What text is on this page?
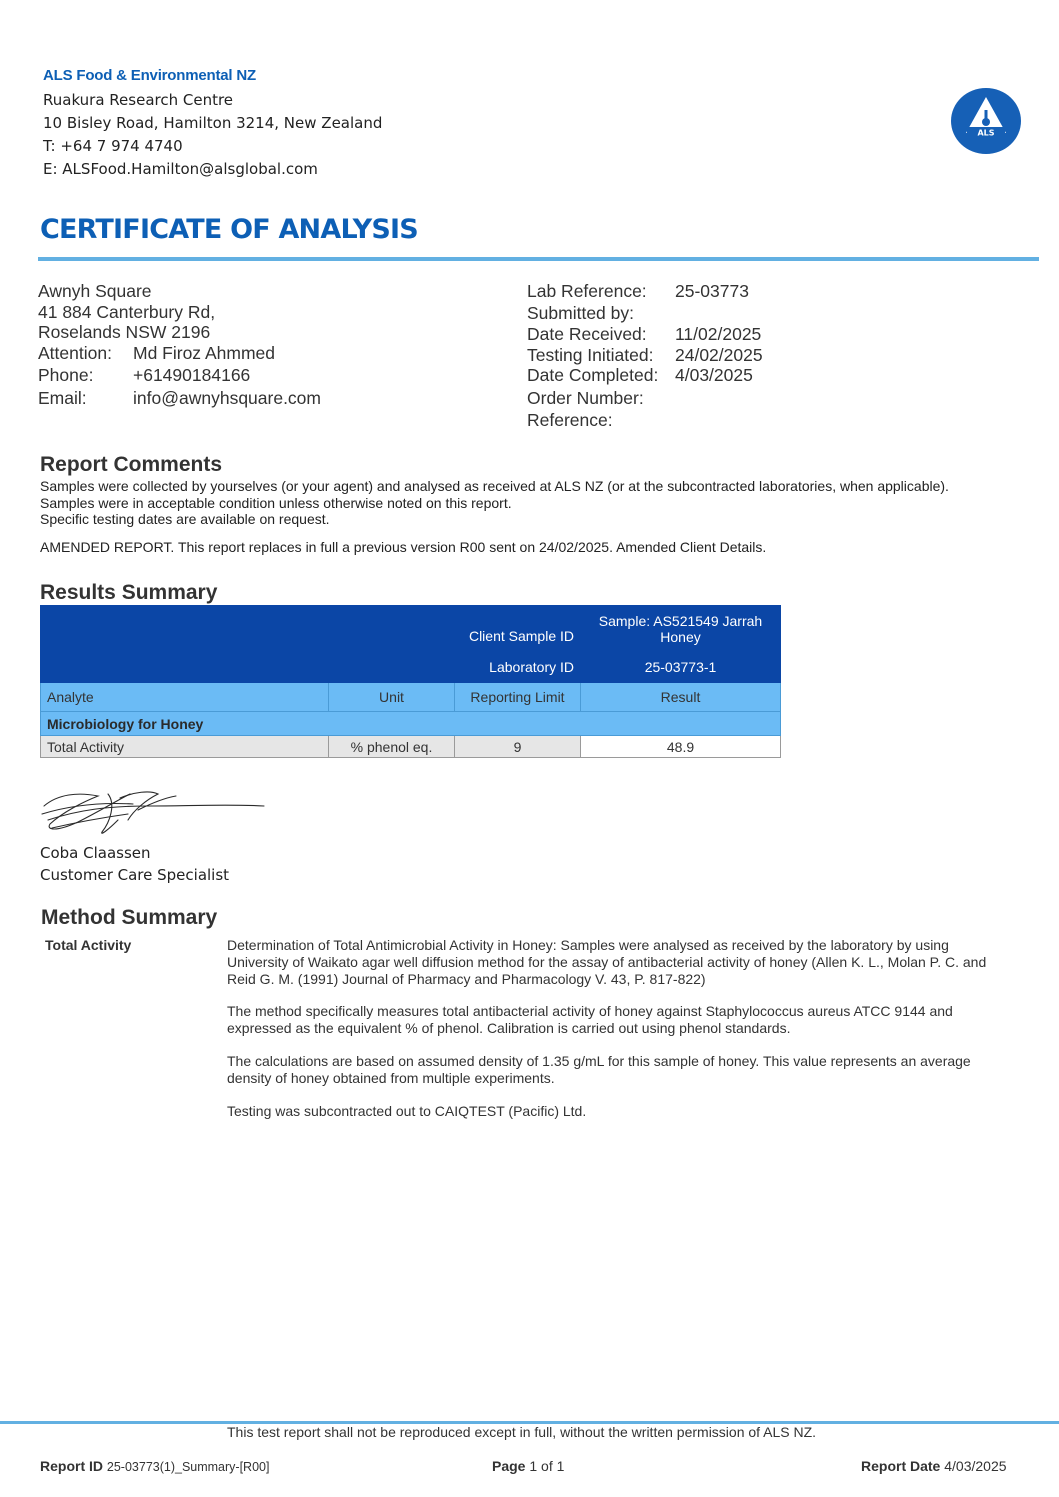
ALS Food & Environmental NZ
Ruakura Research Centre
10 Bisley Road, Hamilton 3214, New Zealand
T: +64 7 974 4740
E: ALSFood.Hamilton@alsglobal.com
ALS
CERTIFICATE OF ANALYSIS
Awnyh Square
41 884 Canterbury Rd,
Roselands NSW 2196
Attention: Md Firoz Ahmmed
Phone: +61490184166
Email:	info@awnyhsquare.com
Lab Reference: 25-03773
Submitted by:
Date Received: 11/02/2025
Testing Initiated: 24/02/2025
Date Completed: 4/03/2025
Order Number:
Reference:
Report Comments
Samples were collected by yourselves (or your agent) and analysed as received at ALS NZ (or at the subcontracted laboratories, when applicable).
Samples were in acceptable condition unless otherwise noted on this report.
Specific testing dates are available on request.
AMENDED REPORT. This report replaces in full a previous version R00 sent on 24/02/2025. Amended Client Details.
Results Summary
	Client Sample ID		Sample: AS521549 Jarrah Honey
	Laboratory ID		25-03773-1
Analyte	Unit	Reporting Limit	Result
Microbiology for Honey			
Total Activity	% phenol eq.	9	48.9
Coba Claassen
Customer Care Specialist
Method Summary
Total Activity	Determination of Total Antimicrobial Activity in Honey: Samples were analysed as received by the laboratory by using University of Waikato agar well diffusion method for the assay of antibacterial activity of honey (Allen K. L., Molan P. C. and Reid G. M. (1991) Journal of Pharmacy and Pharmacology V. 43, P. 817-822)

The method specifically measures total antibacterial activity of honey against Staphylococcus aureus ATCC 9144 and expressed as the equivalent % of phenol. Calibration is carried out using phenol standards.

The calculations are based on assumed density of 1.35 g/mL for this sample of honey. This value represents an average density of honey obtained from multiple experiments.

Testing was subcontracted out to CAIQTEST (Pacific) Ltd.

This test report shall not be reproduced except in full, without the written permission of ALS NZ.
Report ID 25-03773(1)_Summary-[R00]	Page 1 of 1	Report Date 4/03/2025
